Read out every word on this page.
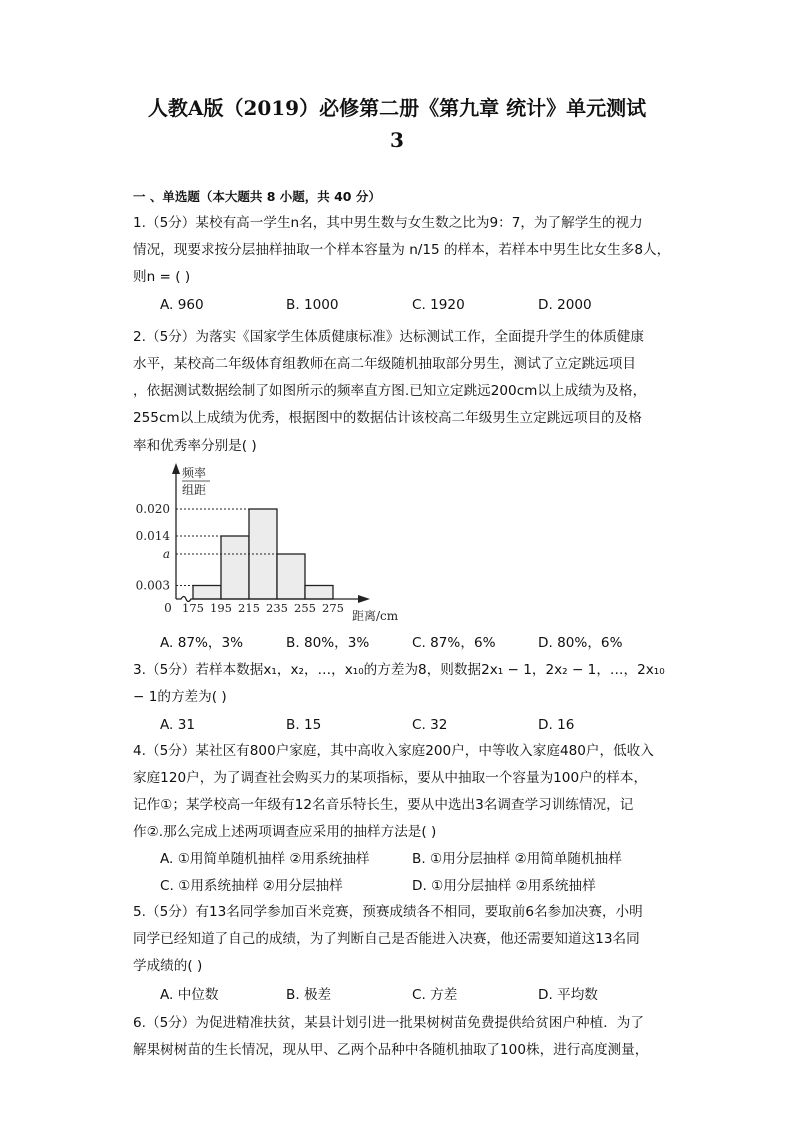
人教A版（2019）必修第二册《第九章 统计》单元测试
3
一 、单选题（本大题共 8 小题，共 40 分）
1.（5分）某校有高一学生n名，其中男生数与女生数之比为9：7，为了解学生的视力
情况，现要求按分层抽样抽取一个样本容量为 n/15 的样本，若样本中男生比女生多8人，
则n = ( )
A. 960	B. 1000	C. 1920	D. 2000
2.（5分）为落实《国家学生体质健康标准》达标测试工作，全面提升学生的体质健康
水平，某校高二年级体育组教师在高二年级随机抽取部分男生，测试了立定跳远项目
，依据测试数据绘制了如图所示的频率直方图.已知立定跳远200cm以上成绩为及格，
255cm以上成绩为优秀，根据图中的数据估计该校高二年级男生立定跳远项目的及格
率和优秀率分别是( )
A. 87%，3%	B. 80%，3%	C. 87%，6%	D. 80%，6%
3.（5分）若样本数据x₁，x₂，…，x₁₀的方差为8，则数据2x₁ − 1，2x₂ − 1，…，2x₁₀
− 1的方差为( )
A. 31	B. 15	C. 32	D. 16
4.（5分）某社区有800户家庭，其中高收入家庭200户，中等收入家庭480户，低收入
家庭120户，为了调查社会购买力的某项指标，要从中抽取一个容量为100户的样本，
记作①；某学校高一年级有12名音乐特长生，要从中选出3名调查学习训练情况，记
作②.那么完成上述两项调查应采用的抽样方法是( )
A. ①用简单随机抽样 ②用系统抽样	B. ①用分层抽样 ②用简单随机抽样
C. ①用系统抽样 ②用分层抽样	D. ①用分层抽样 ②用系统抽样
5.（5分）有13名同学参加百米竞赛，预赛成绩各不相同，要取前6名参加决赛，小明
同学已经知道了自己的成绩，为了判断自己是否能进入决赛，他还需要知道这13名同
学成绩的( )
A. 中位数	B. 极差	C. 方差	D. 平均数
6.（5分）为促进精准扶贫，某县计划引进一批果树树苗免费提供给贫困户种植．为了
解果树树苗的生长情况，现从甲、乙两个品种中各随机抽取了100株，进行高度测量，
0.020
0.014
a
0.003
0 175 195 215 235 255 275
频率
组距
距离/cm
